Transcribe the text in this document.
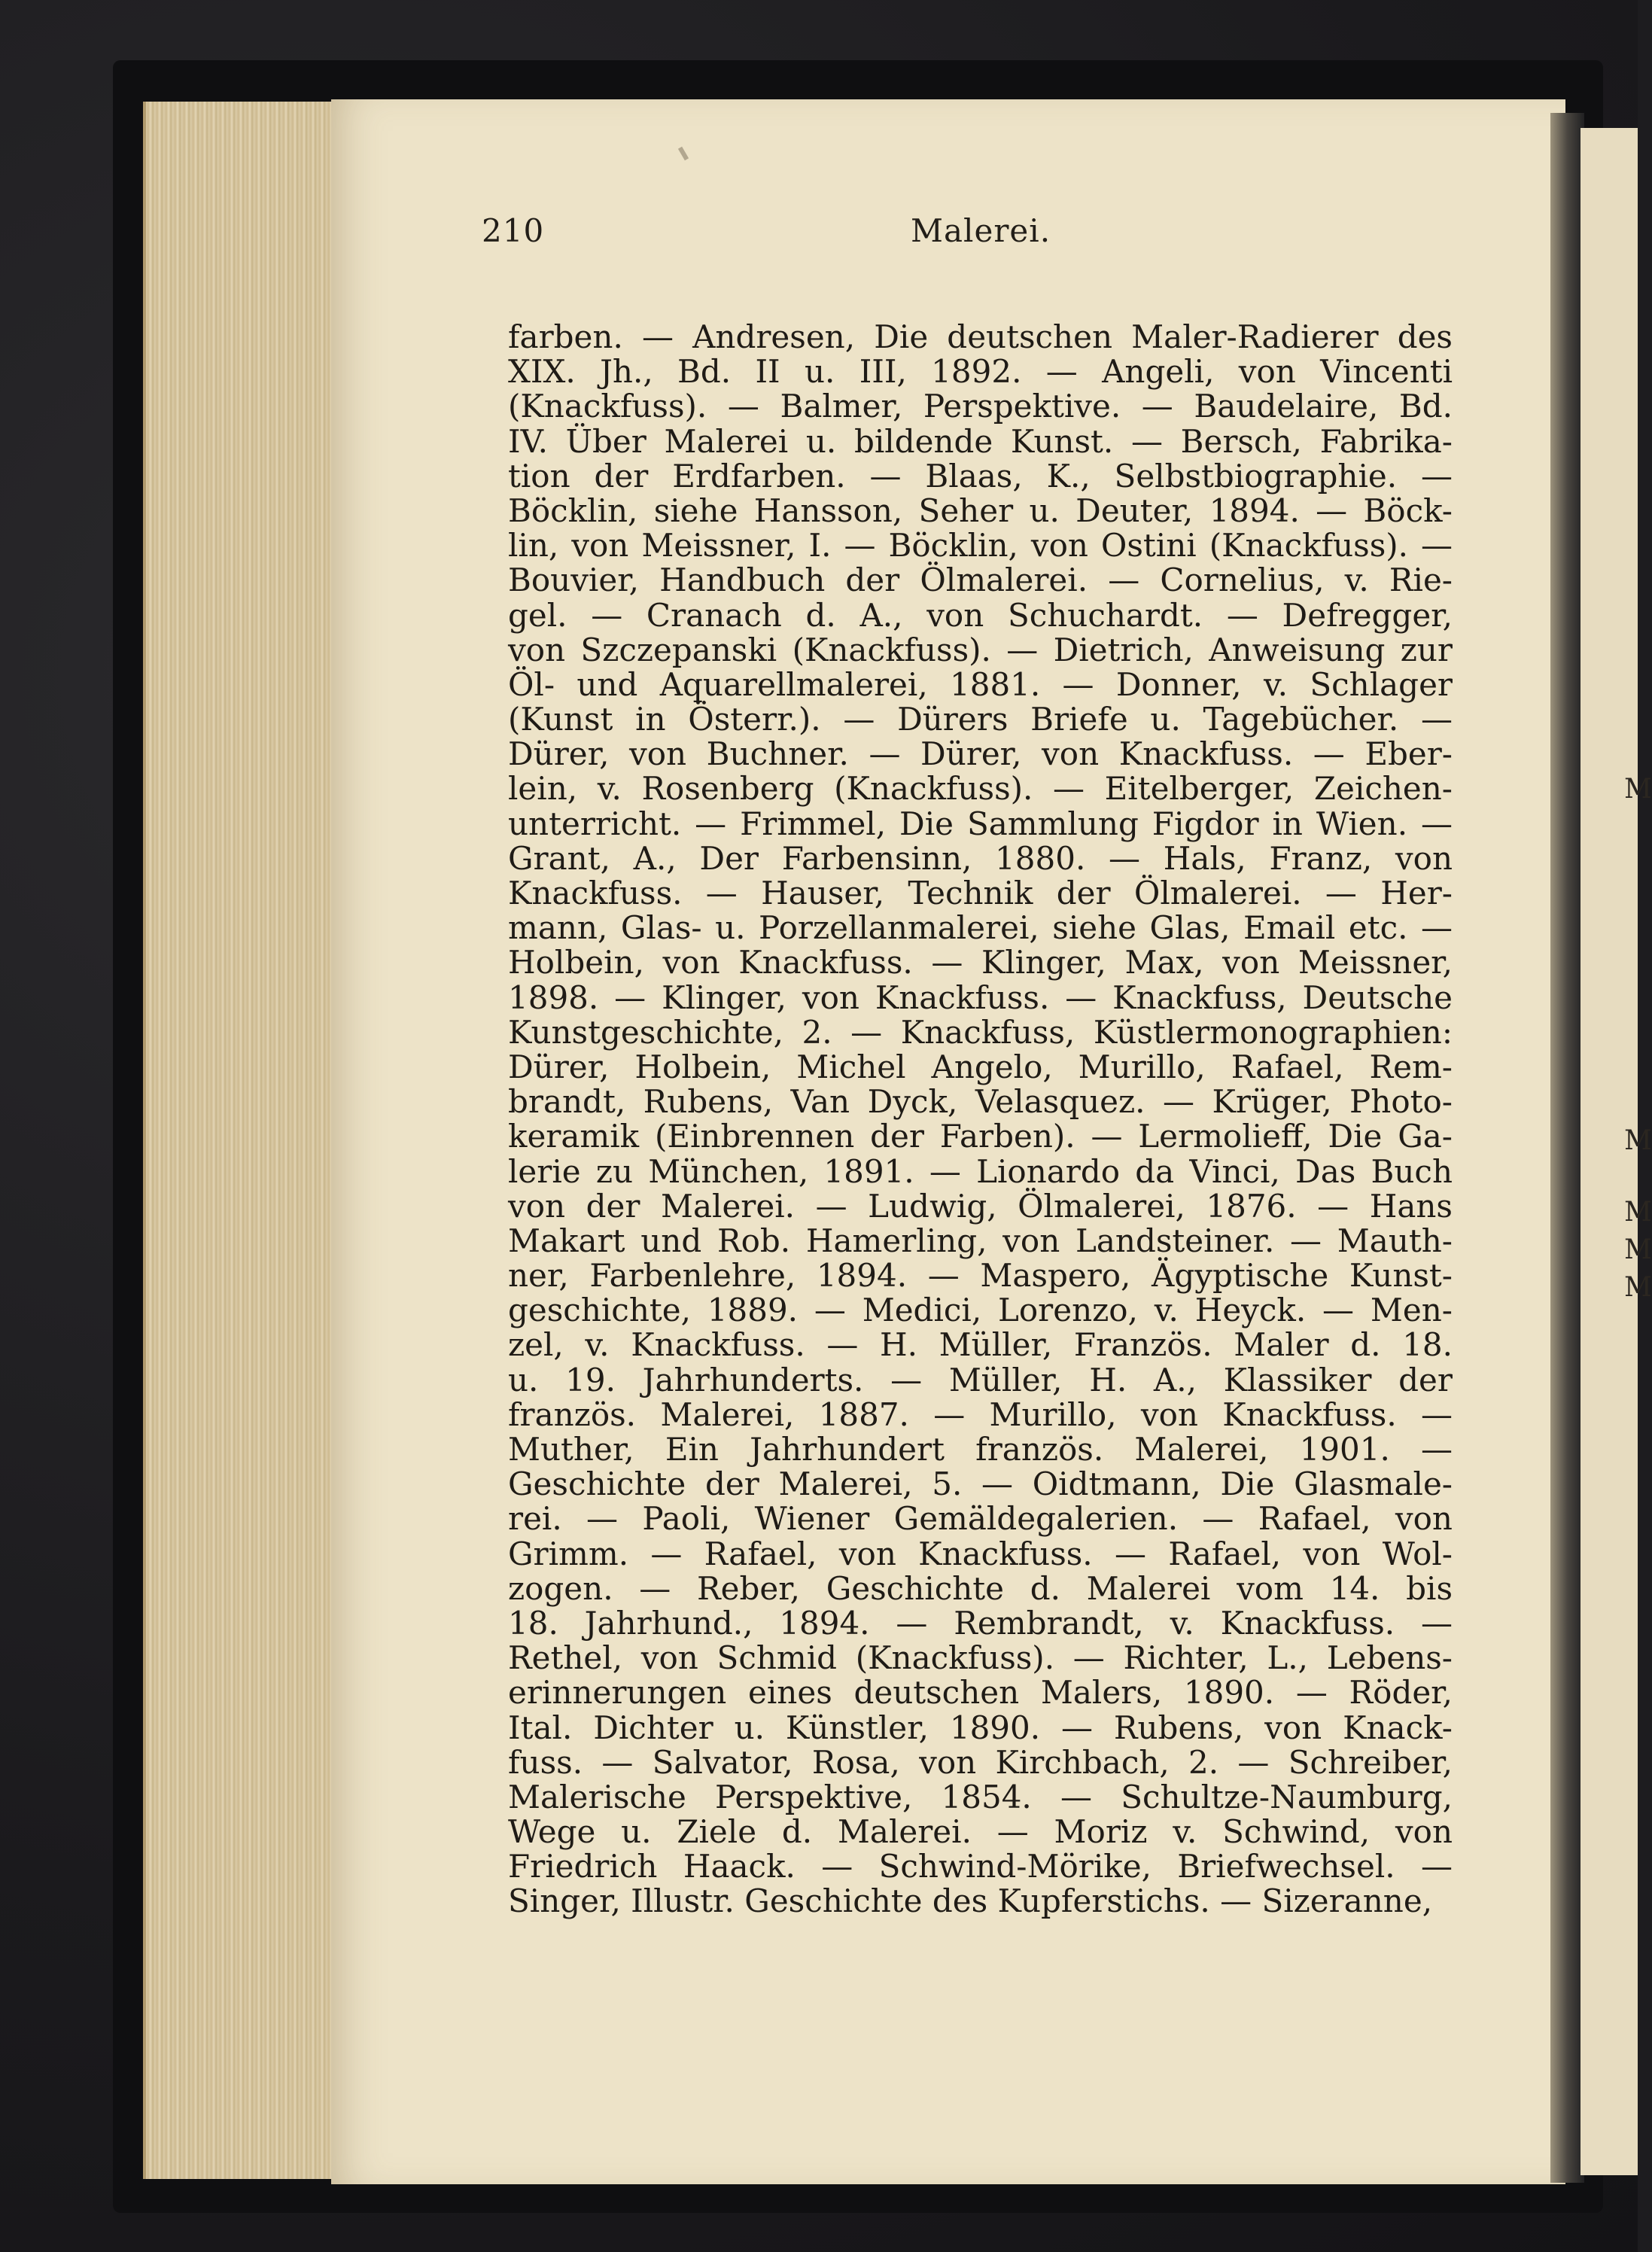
M
M
M
M
M
210	Malerei.
farben. — Andresen, Die deutschen Maler-Radierer des
XIX. Jh., Bd. II u. III, 1892. — Angeli, von Vincenti
(Knackfuss). — Balmer, Perspektive. — Baudelaire, Bd.
IV. Über Malerei u. bildende Kunst. — Bersch, Fabrika-
tion der Erdfarben. — Blaas, K., Selbstbiographie. —
Böcklin, siehe Hansson, Seher u. Deuter, 1894. — Böck-
lin, von Meissner, I. — Böcklin, von Ostini (Knackfuss). —
Bouvier, Handbuch der Ölmalerei. — Cornelius, v. Rie-
gel. — Cranach d. A., von Schuchardt. — Defregger,
von Szczepanski (Knackfuss). — Dietrich, Anweisung zur
Öl- und Aquarellmalerei, 1881. — Donner, v. Schlager
(Kunst in Österr.). — Dürers Briefe u. Tagebücher. —
Dürer, von Buchner. — Dürer, von Knackfuss. — Eber-
lein, v. Rosenberg (Knackfuss). — Eitelberger, Zeichen-
unterricht. — Frimmel, Die Sammlung Figdor in Wien. —
Grant, A., Der Farbensinn, 1880. — Hals, Franz, von
Knackfuss. — Hauser, Technik der Ölmalerei. — Her-
mann, Glas- u. Porzellanmalerei, siehe Glas, Email etc. —
Holbein, von Knackfuss. — Klinger, Max, von Meissner,
1898. — Klinger, von Knackfuss. — Knackfuss, Deutsche
Kunstgeschichte, 2. — Knackfuss, Küstlermonographien:
Dürer, Holbein, Michel Angelo, Murillo, Rafael, Rem-
brandt, Rubens, Van Dyck, Velasquez. — Krüger, Photo-
keramik (Einbrennen der Farben). — Lermolieff, Die Ga-
lerie zu München, 1891. — Lionardo da Vinci, Das Buch
von der Malerei. — Ludwig, Ölmalerei, 1876. — Hans
Makart und Rob. Hamerling, von Landsteiner. — Mauth-
ner, Farbenlehre, 1894. — Maspero, Ägyptische Kunst-
geschichte, 1889. — Medici, Lorenzo, v. Heyck. — Men-
zel, v. Knackfuss. — H. Müller, Französ. Maler d. 18.
u. 19. Jahrhunderts. — Müller, H. A., Klassiker der
französ. Malerei, 1887. — Murillo, von Knackfuss. —
Muther, Ein Jahrhundert französ. Malerei, 1901. —
Geschichte der Malerei, 5. — Oidtmann, Die Glasmale-
rei. — Paoli, Wiener Gemäldegalerien. — Rafael, von
Grimm. — Rafael, von Knackfuss. — Rafael, von Wol-
zogen. — Reber, Geschichte d. Malerei vom 14. bis
18. Jahrhund., 1894. — Rembrandt, v. Knackfuss. —
Rethel, von Schmid (Knackfuss). — Richter, L., Lebens-
erinnerungen eines deutschen Malers, 1890. — Röder,
Ital. Dichter u. Künstler, 1890. — Rubens, von Knack-
fuss. — Salvator, Rosa, von Kirchbach, 2. — Schreiber,
Malerische Perspektive, 1854. — Schultze-Naumburg,
Wege u. Ziele d. Malerei. — Moriz v. Schwind, von
Friedrich Haack. — Schwind-Mörike, Briefwechsel. —
Singer, Illustr. Geschichte des Kupferstichs. — Sizeranne,
